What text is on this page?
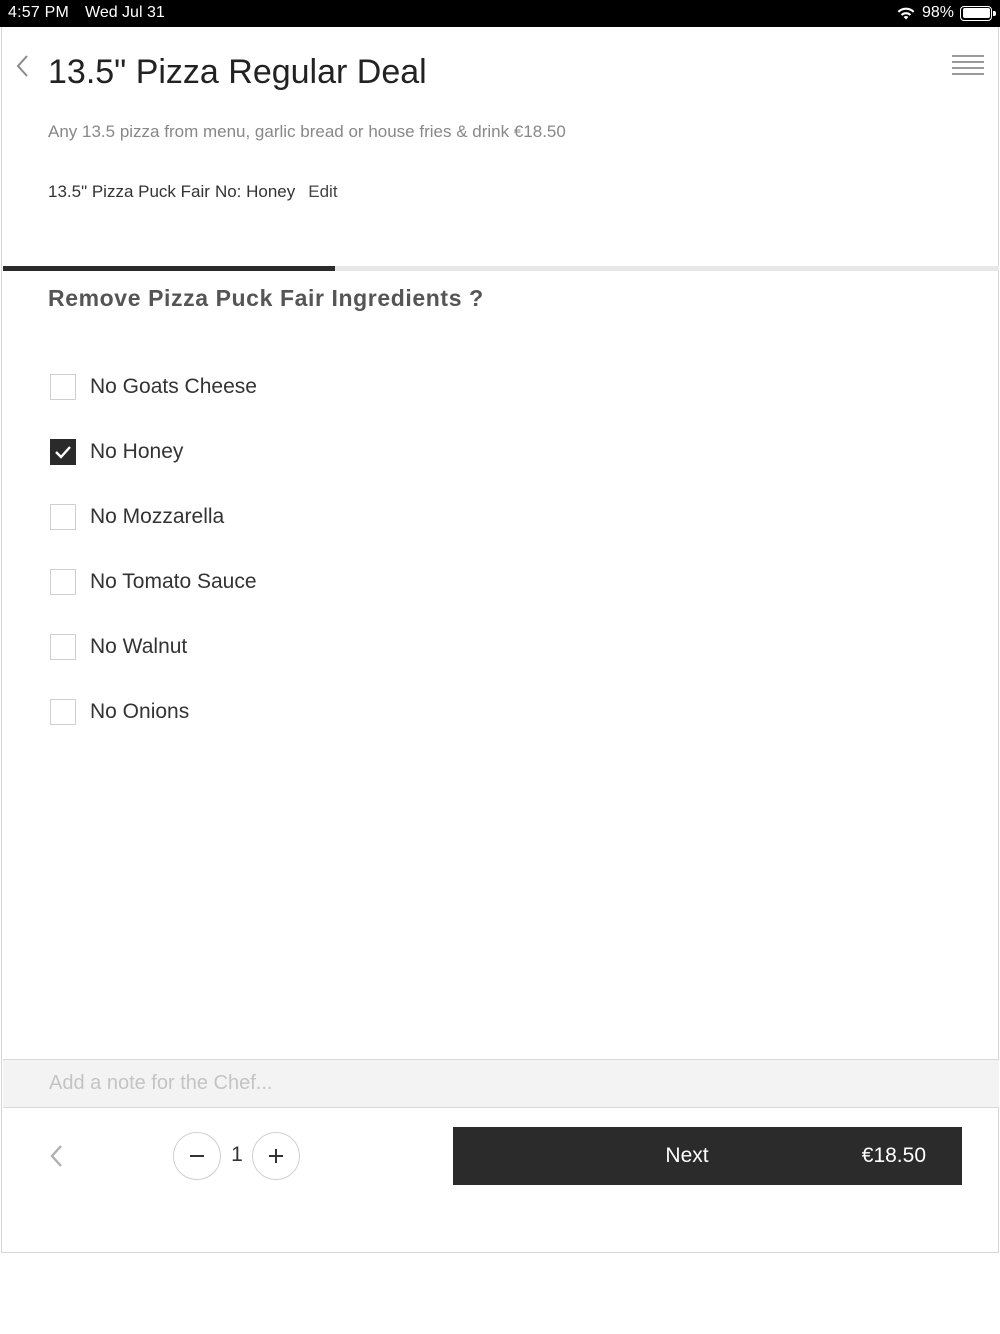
4:57 PM Wed Jul 31	98%
13.5" Pizza Regular Deal

Any 13.5 pizza from menu, garlic bread or house fries & drink €18.50

13.5" Pizza Puck Fair No: Honey Edit
Remove Pizza Puck Fair Ingredients ?
No Goats Cheese
No Honey
No Mozzarella
No Tomato Sauce
No Walnut
No Onions
Add a note for the Chef...
1	Next	€18.50
